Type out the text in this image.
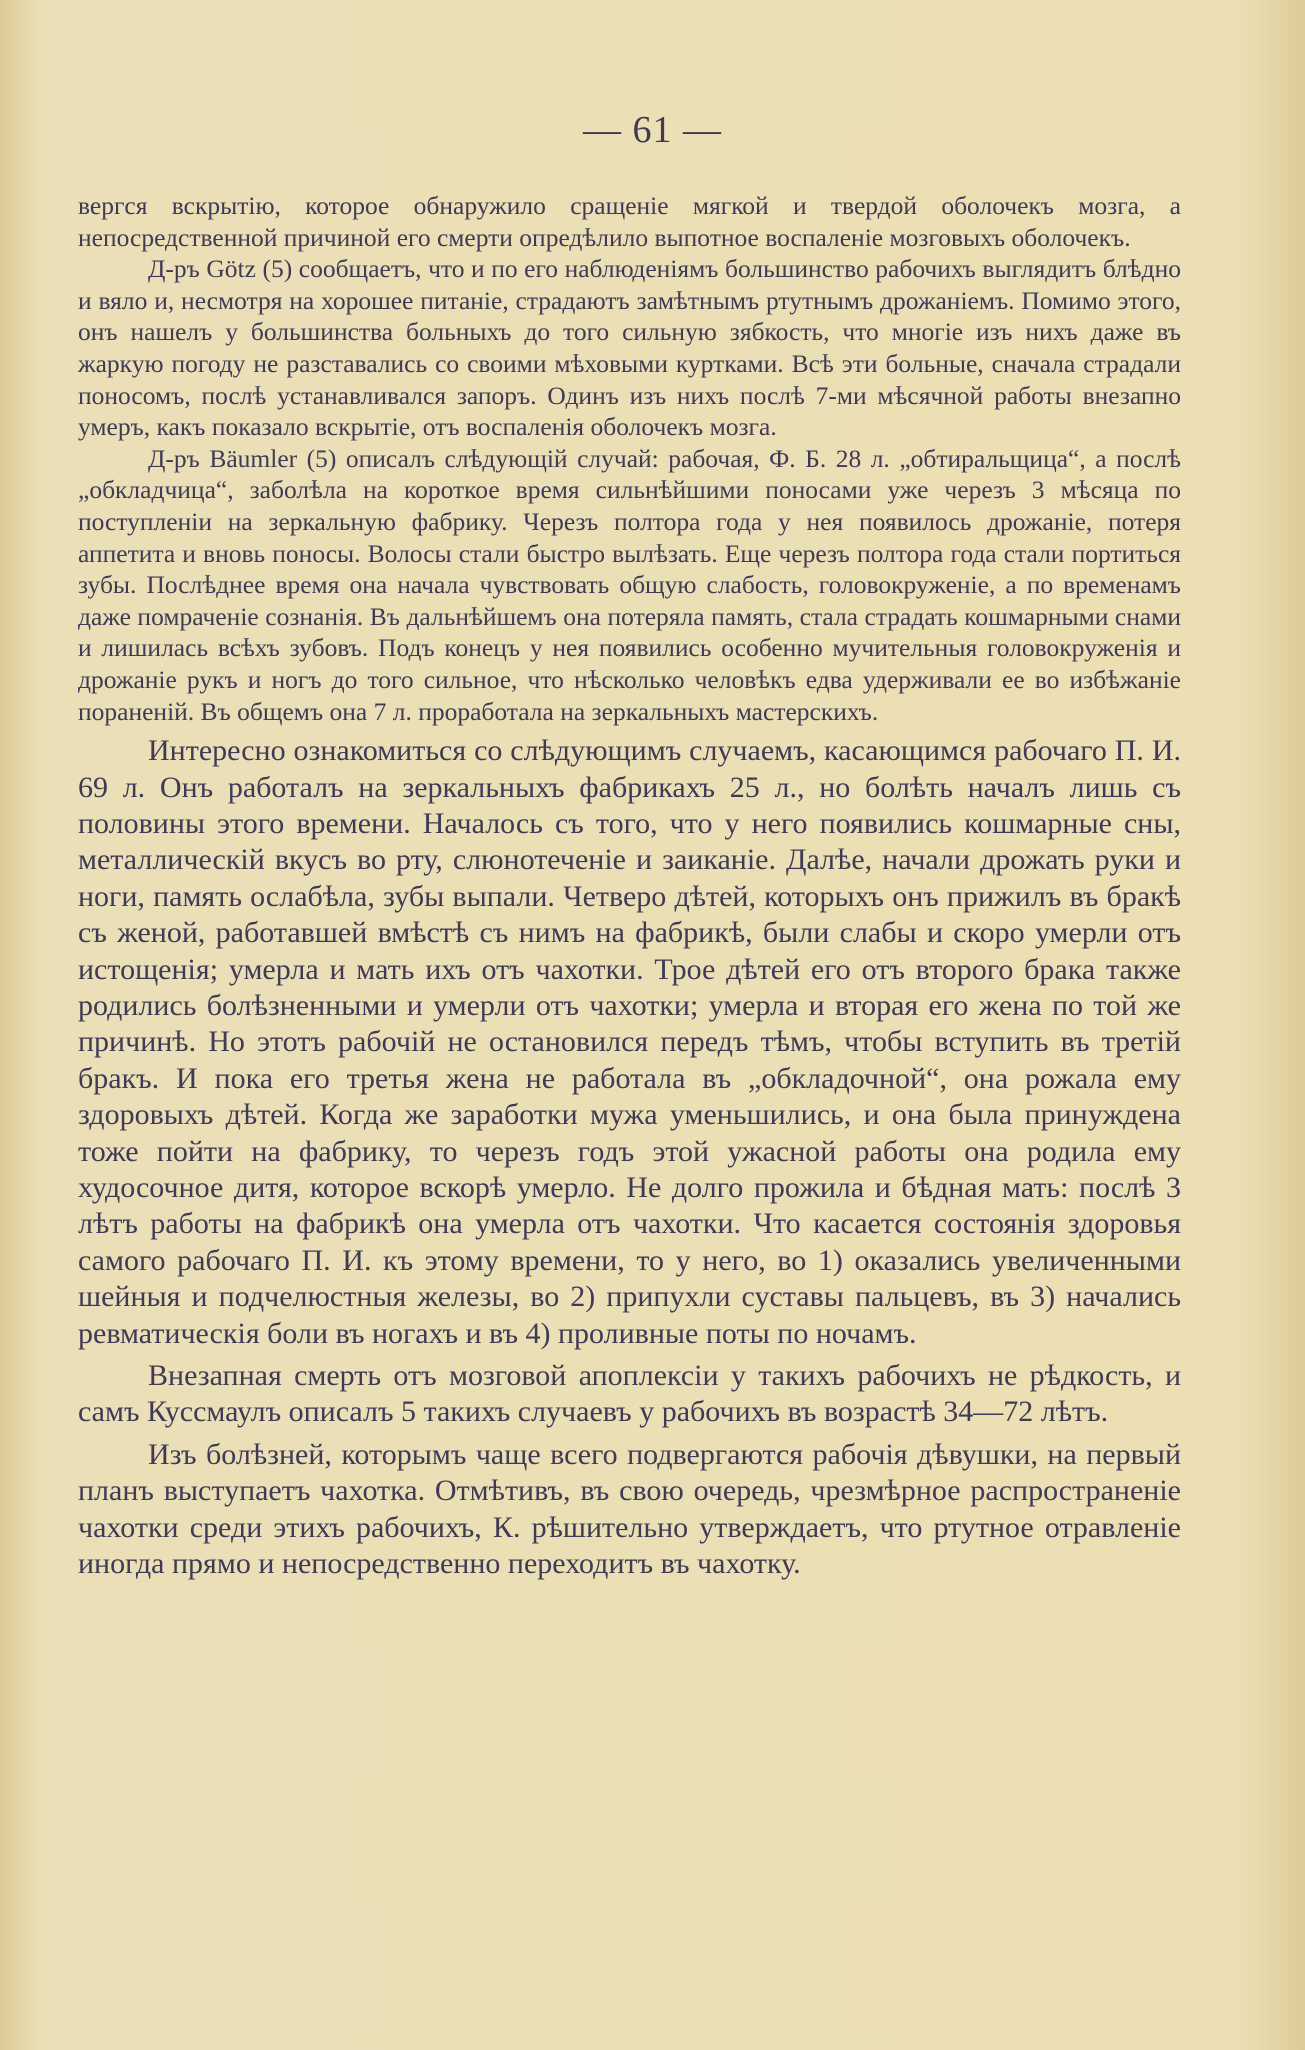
— 61 —

вергся вскрытію, которое обнаружило сращеніе мягкой и твердой оболочекъ мозга, а непосредственной причиной его смерти опредѣлило выпотное воспаленіе мозговыхъ оболочекъ.

Д-ръ Götz (5) сообщаетъ, что и по его наблюденіямъ большинство рабочихъ выглядитъ блѣдно и вяло и, несмотря на хорошее питаніе, страдаютъ замѣтнымъ ртутнымъ дрожаніемъ. Помимо этого, онъ нашелъ у большинства больныхъ до того сильную зябкость, что многіе изъ нихъ даже въ жаркую погоду не разставались со своими мѣховыми куртками. Всѣ эти больные, сначала страдали поносомъ, послѣ устанавливался запоръ. Одинъ изъ нихъ послѣ 7-ми мѣсячной работы внезапно умеръ, какъ показало вскрытіе, отъ воспаленія оболочекъ мозга.

Д-ръ Bäumler (5) описалъ слѣдующій случай: рабочая, Ф. Б. 28 л. „обтиральщица“, а послѣ „обкладчица“, заболѣла на короткое время сильнѣйшими поносами уже черезъ 3 мѣсяца по поступленіи на зеркальную фабрику. Черезъ полтора года у нея появилось дрожаніе, потеря аппетита и вновь поносы. Волосы стали быстро вылѣзать. Еще черезъ полтора года стали портиться зубы. Послѣднее время она начала чувствовать общую слабость, головокруженіе, а по временамъ даже помраченіе сознанія. Въ дальнѣйшемъ она потеряла память, стала страдать кошмарными снами и лишилась всѣхъ зубовъ. Подъ конецъ у нея появились особенно мучительныя головокруженія и дрожаніе рукъ и ногъ до того сильное, что нѣсколько человѣкъ едва удерживали ее во избѣжаніе пораненій. Въ общемъ она 7 л. проработала на зеркальныхъ мастерскихъ.

Интересно ознакомиться со слѣдующимъ случаемъ, касающимся рабочаго П. И. 69 л. Онъ работалъ на зеркальныхъ фабрикахъ 25 л., но болѣть началъ лишь съ половины этого времени. Началось съ того, что у него появились кошмарные сны, металлическій вкусъ во рту, слюнотеченіе и заиканіе. Далѣе, начали дрожать руки и ноги, память ослабѣла, зубы выпали. Четверо дѣтей, которыхъ онъ прижилъ въ бракѣ съ женой, работавшей вмѣстѣ съ нимъ на фабрикѣ, были слабы и скоро умерли отъ истощенія; умерла и мать ихъ отъ чахотки. Трое дѣтей его отъ второго брака также родились болѣзненными и умерли отъ чахотки; умерла и вторая его жена по той же причинѣ. Но этотъ рабочій не остановился передъ тѣмъ, чтобы вступить въ третій бракъ. И пока его третья жена не работала въ „обкладочной“, она рожала ему здоровыхъ дѣтей. Когда же заработки мужа уменьшились, и она была принуждена тоже пойти на фабрику, то черезъ годъ этой ужасной работы она родила ему худосочное дитя, которое вскорѣ умерло. Не долго прожила и бѣдная мать: послѣ 3 лѣтъ работы на фабрикѣ она умерла отъ чахотки. Что касается состоянія здоровья самого рабочаго П. И. къ этому времени, то у него, во 1) оказались увеличенными шейныя и подчелюстныя железы, во 2) припухли суставы пальцевъ, въ 3) начались ревматическія боли въ ногахъ и въ 4) проливные поты по ночамъ.

Внезапная смерть отъ мозговой апоплексіи у такихъ рабочихъ не рѣдкость, и самъ Куссмаулъ описалъ 5 такихъ случаевъ у рабочихъ въ возрастѣ 34—72 лѣтъ.

Изъ болѣзней, которымъ чаще всего подвергаются рабочія дѣвушки, на первый планъ выступаетъ чахотка. Отмѣтивъ, въ свою очередь, чрезмѣрное распространеніе чахотки среди этихъ рабочихъ, К. рѣшительно утверждаетъ, что ртутное отравленіе иногда прямо и непосредственно переходитъ въ чахотку.
